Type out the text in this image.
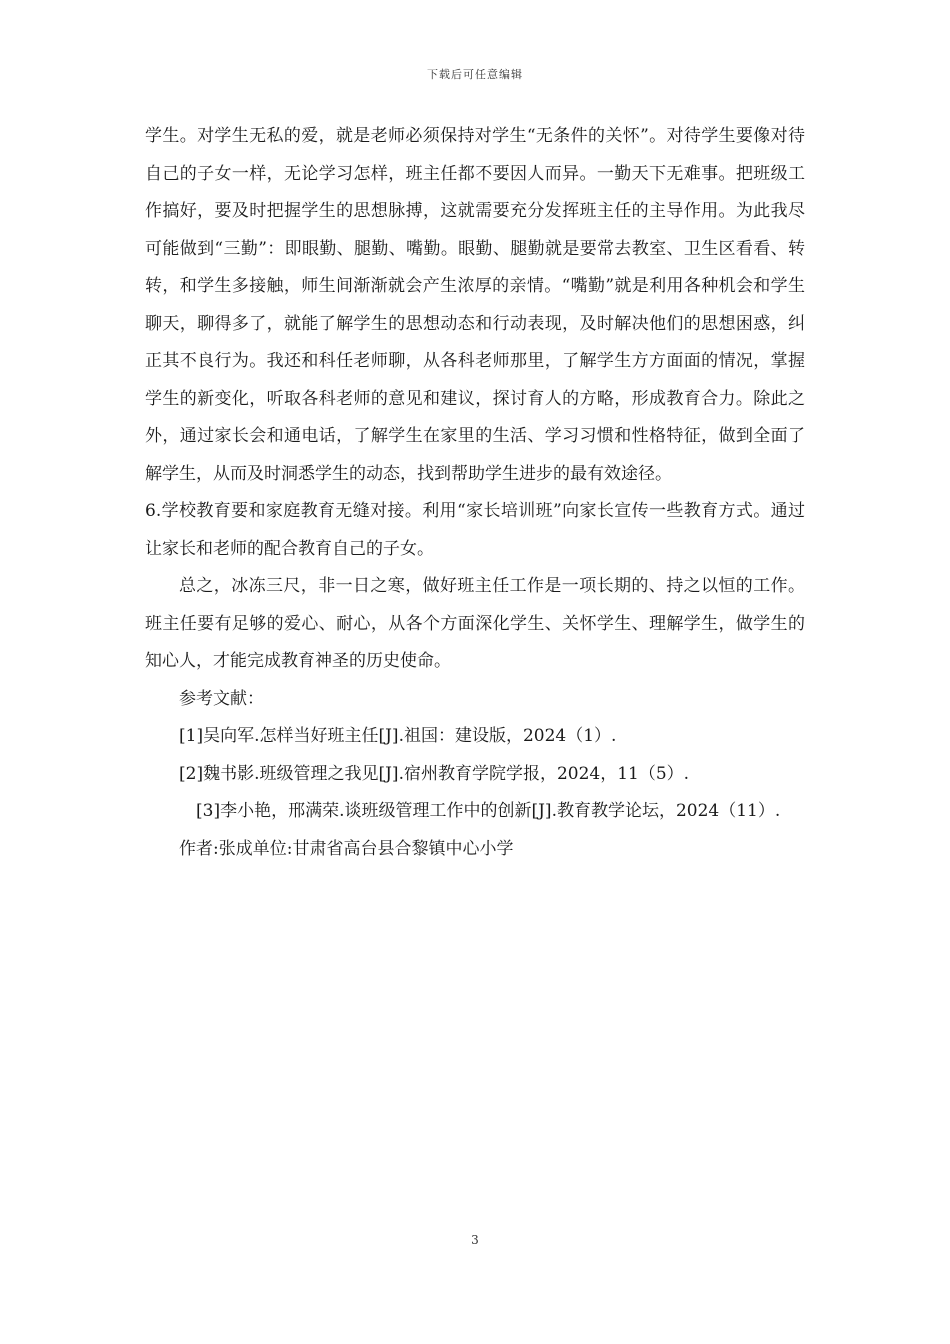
下载后可任意编辑

学生。对学生无私的爱，就是老师必须保持对学生“无条件的关怀”。对待学生要像对待自己的子女一样，无论学习怎样，班主任都不要因人而异。一勤天下无难事。把班级工作搞好，要及时把握学生的思想脉搏，这就需要充分发挥班主任的主导作用。为此我尽可能做到“三勤”：即眼勤、腿勤、嘴勤。眼勤、腿勤就是要常去教室、卫生区看看、转转，和学生多接触，师生间渐渐就会产生浓厚的亲情。“嘴勤”就是利用各种机会和学生聊天，聊得多了，就能了解学生的思想动态和行动表现，及时解决他们的思想困惑，纠正其不良行为。我还和科任老师聊，从各科老师那里，了解学生方方面面的情况，掌握学生的新变化，听取各科老师的意见和建议，探讨育人的方略，形成教育合力。除此之外，通过家长会和通电话，了解学生在家里的生活、学习习惯和性格特征，做到全面了解学生，从而及时洞悉学生的动态，找到帮助学生进步的最有效途径。

6.学校教育要和家庭教育无缝对接。利用“家长培训班”向家长宣传一些教育方式。通过让家长和老师的配合教育自己的子女。

总之，冰冻三尺，非一日之寒，做好班主任工作是一项长期的、持之以恒的工作。班主任要有足够的爱心、耐心，从各个方面深化学生、关怀学生、理解学生，做学生的知心人，才能完成教育神圣的历史使命。

参考文献：

[1]吴向军.怎样当好班主任[J].祖国：建设版，2024（1）.

[2]魏书影.班级管理之我见[J].宿州教育学院学报，2024，11（5）.

[3]李小艳，邢满荣.谈班级管理工作中的创新[J].教育教学论坛，2024（11）.

作者:张成单位:甘肃省高台县合黎镇中心小学

3
